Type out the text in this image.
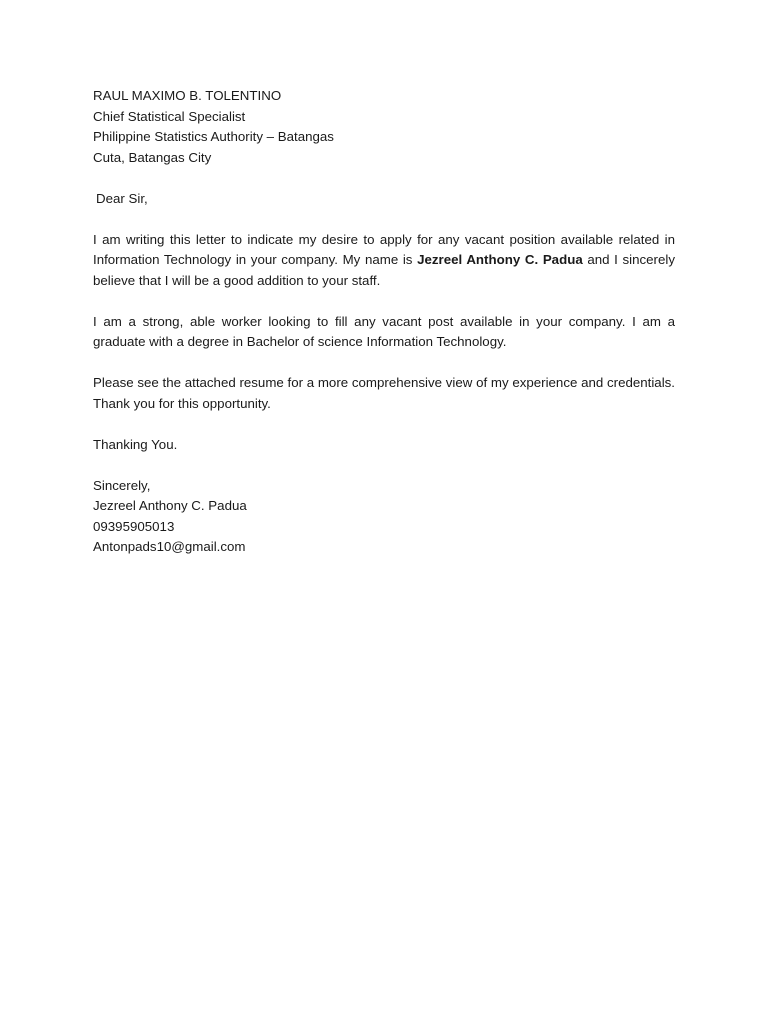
RAUL MAXIMO B. TOLENTINO
Chief Statistical Specialist
Philippine Statistics Authority – Batangas
Cuta, Batangas City
Dear Sir,

I am writing this letter to indicate my desire to apply for any vacant position available related in Information Technology in your company. My name is Jezreel Anthony C. Padua and I sincerely believe that I will be a good addition to your staff.

I am a strong, able worker looking to fill any vacant post available in your company. I am a graduate with a degree in Bachelor of science Information Technology.

Please see the attached resume for a more comprehensive view of my experience and credentials. Thank you for this opportunity.

Thanking You.
Sincerely,
Jezreel Anthony C. Padua
09395905013
Antonpads10@gmail.com
